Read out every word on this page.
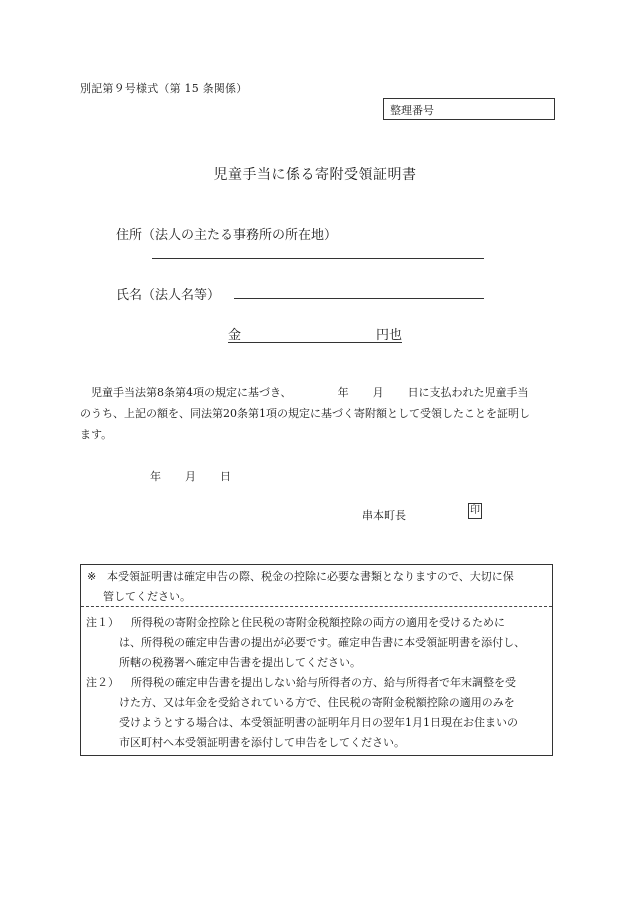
別記第９号様式（第 15 条関係）
整理番号
児童手当に係る寄附受領証明書
住所（法人の主たる事務所の所在地）
氏名（法人名等）
金	円也
児童手当法第8条第4項の規定に基づき、	年 月 日に支払われた児童手当
のうち、上記の額を、同法第20条第1項の規定に基づく寄附額として受領したことを証明し
ます。
年 月 日
串本町長	印
※ 本受領証明書は確定申告の際、税金の控除に必要な書類となりますので、大切に保
管してください。
注１） 所得税の寄附金控除と住民税の寄附金税額控除の両方の適用を受けるために
は、所得税の確定申告書の提出が必要です。確定申告書に本受領証明書を添付し、
所轄の税務署へ確定申告書を提出してください。
注２） 所得税の確定申告書を提出しない給与所得者の方、給与所得者で年末調整を受
けた方、又は年金を受給されている方で、住民税の寄附金税額控除の適用のみを
受けようとする場合は、本受領証明書の証明年月日の翌年1月1日現在お住まいの
市区町村へ本受領証明書を添付して申告をしてください。
